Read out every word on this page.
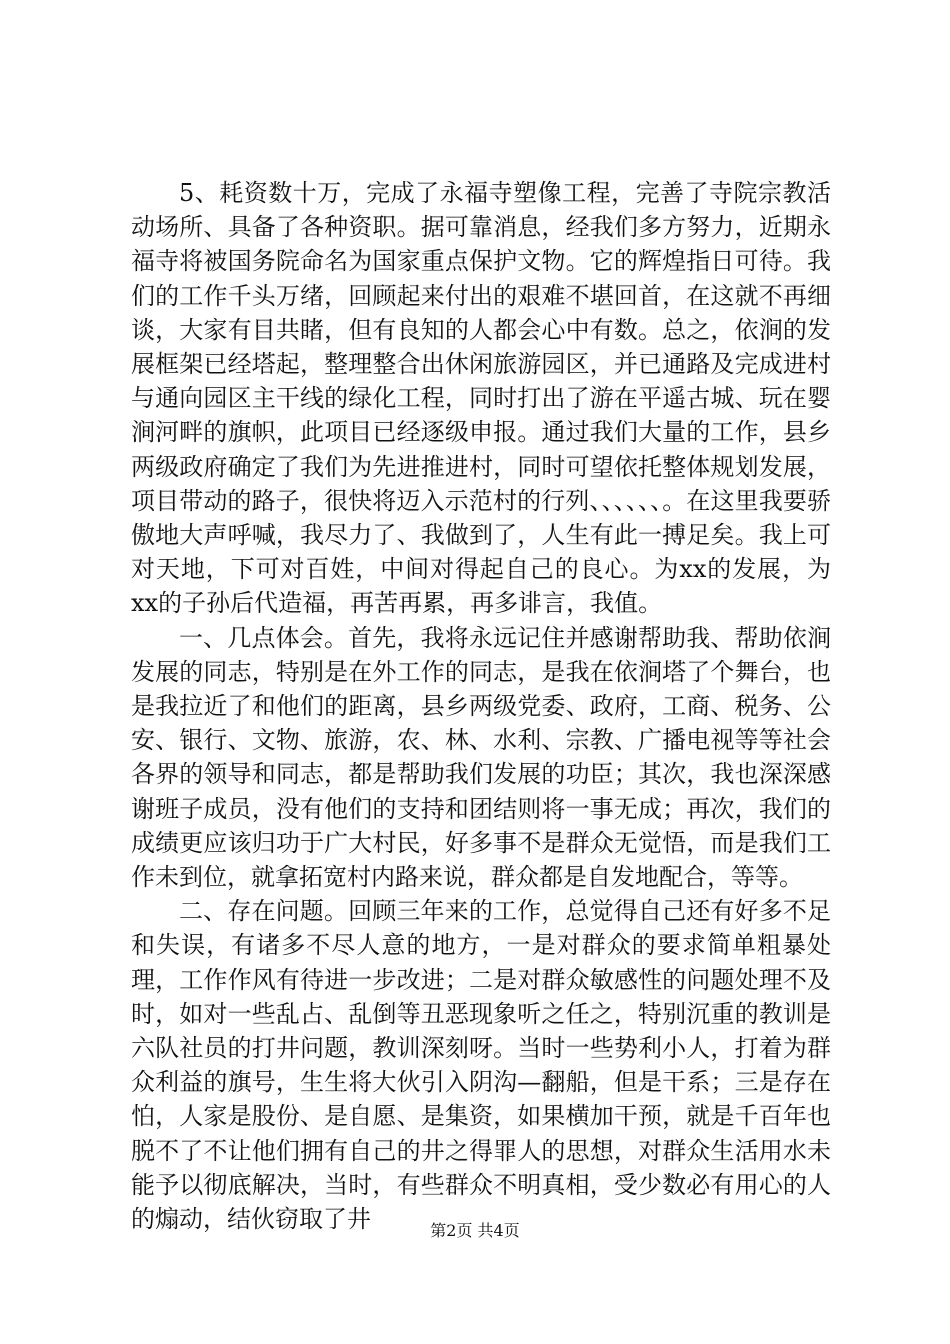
5、耗资数十万，完成了永福寺塑像工程，完善了寺院宗教活动场所、具备了各种资职。据可靠消息，经我们多方努力，近期永福寺将被国务院命名为国家重点保护文物。它的辉煌指日可待。我们的工作千头万绪，回顾起来付出的艰难不堪回首，在这就不再细谈，大家有目共睹，但有良知的人都会心中有数。总之，依涧的发展框架已经塔起，整理整合出休闲旅游园区，并已通路及完成进村与通向园区主干线的绿化工程，同时打出了游在平遥古城、玩在婴涧河畔的旗帜，此项目已经逐级申报。通过我们大量的工作，县乡两级政府确定了我们为先进推进村，同时可望依托整体规划发展，项目带动的路子，很快将迈入示范村的行列、、、、、、。在这里我要骄傲地大声呼喊，我尽力了、我做到了，人生有此一搏足矣。我上可对天地，下可对百姓，中间对得起自己的良心。为xx的发展，为xx的子孙后代造福，再苦再累，再多诽言，我值。

一、几点体会。首先，我将永远记住并感谢帮助我、帮助依涧发展的同志，特别是在外工作的同志，是我在依涧塔了个舞台，也是我拉近了和他们的距离，县乡两级党委、政府，工商、税务、公安、银行、文物、旅游，农、林、水利、宗教、广播电视等等社会各界的领导和同志，都是帮助我们发展的功臣；其次，我也深深感谢班子成员，没有他们的支持和团结则将一事无成；再次，我们的成绩更应该归功于广大村民，好多事不是群众无觉悟，而是我们工作未到位，就拿拓宽村内路来说，群众都是自发地配合，等等。

二、存在问题。回顾三年来的工作，总觉得自己还有好多不足和失误，有诸多不尽人意的地方，一是对群众的要求简单粗暴处理，工作作风有待进一步改进；二是对群众敏感性的问题处理不及时，如对一些乱占、乱倒等丑恶现象听之任之，特别沉重的教训是六队社员的打井问题，教训深刻呀。当时一些势利小人，打着为群众利益的旗号，生生将大伙引入阴沟—翻船，但是干系；三是存在怕，人家是股份、是自愿、是集资，如果横加干预，就是千百年也脱不了不让他们拥有自己的井之得罪人的思想，对群众生活用水未能予以彻底解决，当时，有些群众不明真相，受少数必有用心的人的煽动，结伙窃取了井	第2页 共4页
